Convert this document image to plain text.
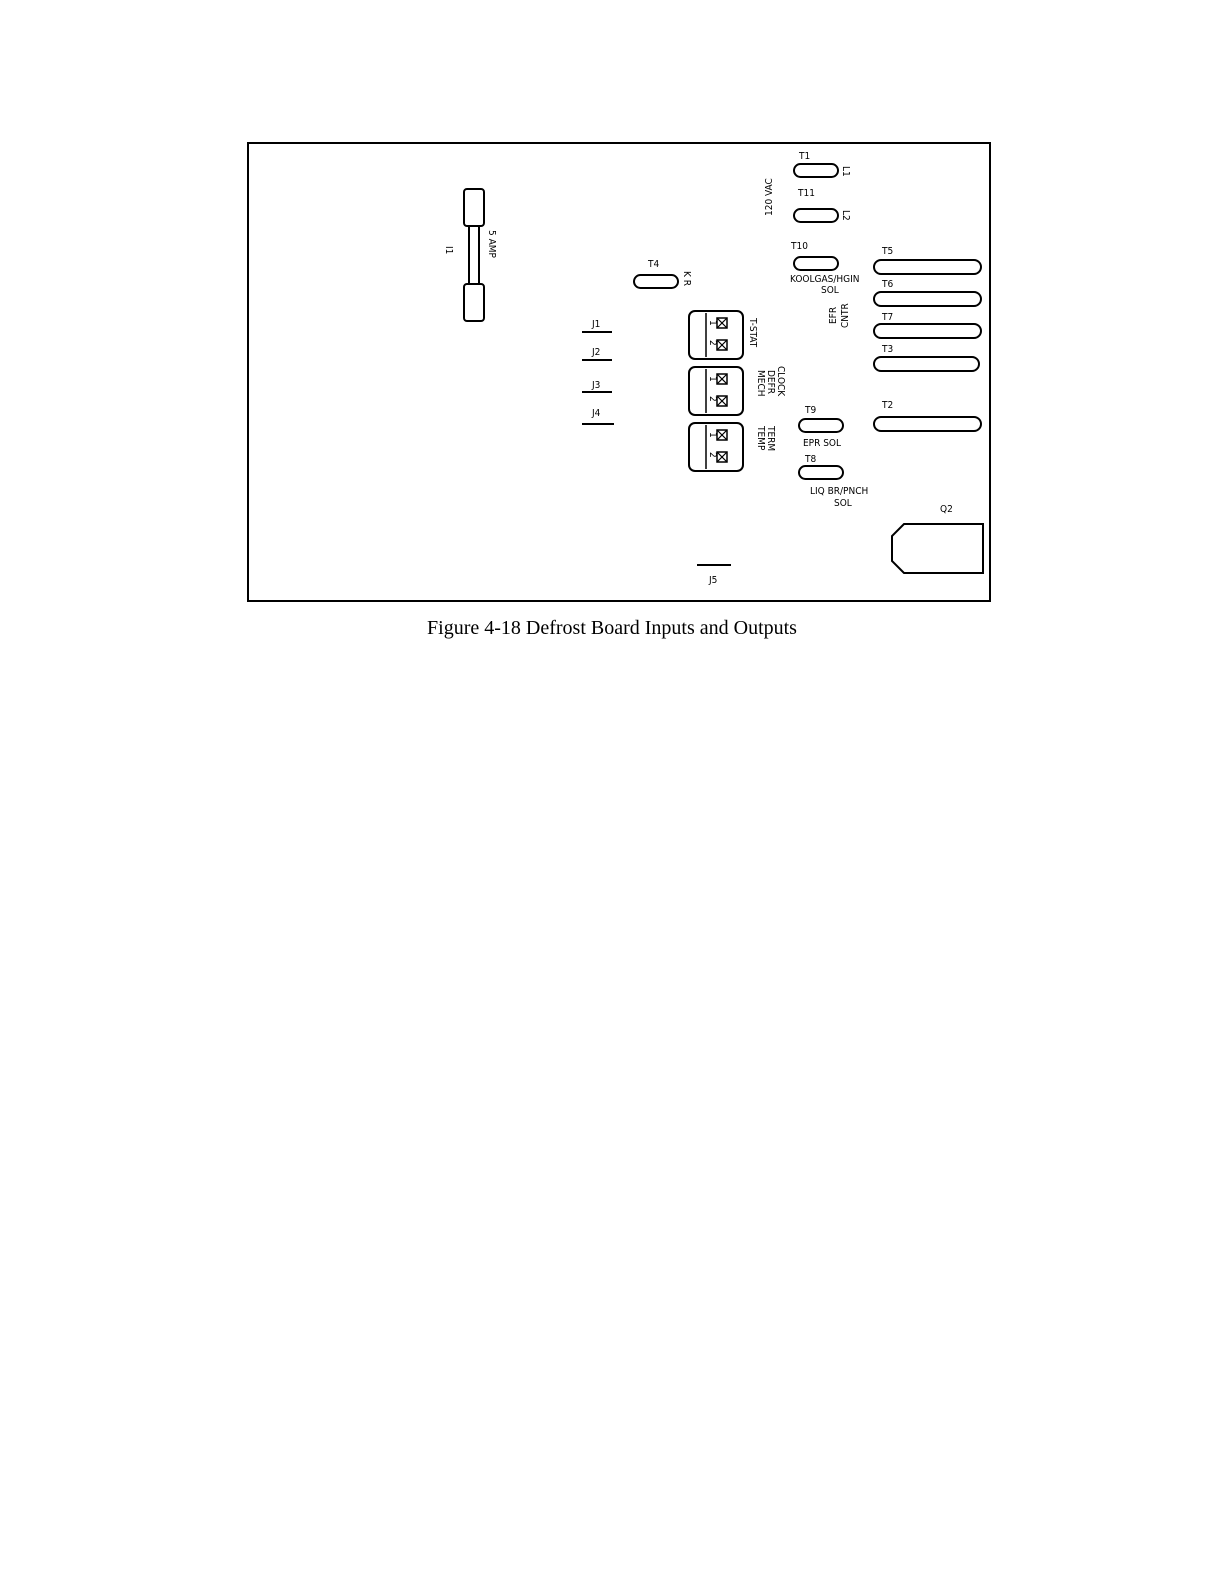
I1	5 AMP
120 VAC
T1
L1
T11
L2
T10
KOOLGAS/HGIN
SOL
EFR CNTR
T4
K R
T5
T6
T7
T3
T2
T9
EPR SOL
T8
LIQ BR/PNCH
SOL
J1
J2
J3
J4
J5
1
2	T-STAT
1
2
MECH DEFR CLOCK
1
2
TEMP TERM
Q2
Figure 4-18 Defrost Board Inputs and Outputs
